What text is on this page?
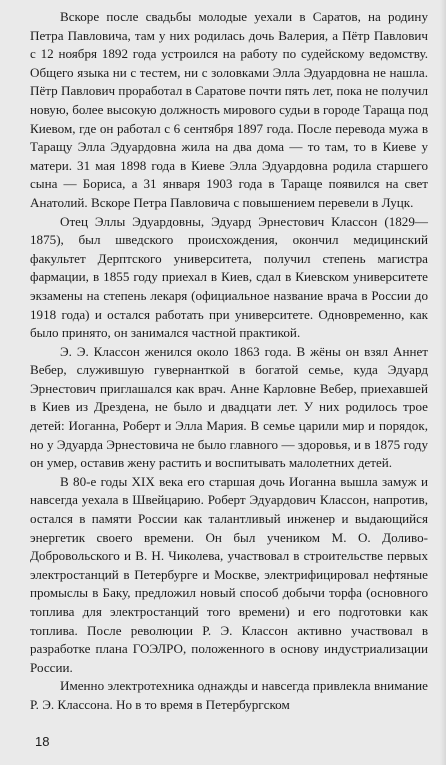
Вскоре после свадьбы молодые уехали в Саратов, на родину Петра Павловича, там у них родилась дочь Валерия, а Пётр Павлович с 12 ноября 1892 года устроился на работу по судейскому ведомству. Общего языка ни с тестем, ни с золовками Элла Эдуардовна не нашла. Пётр Павлович проработал в Саратове почти пять лет, пока не получил новую, более высокую должность мирового судьи в городе Тараща под Киевом, где он работал с 6 сентября 1897 года. После перевода мужа в Таращу Элла Эдуардовна жила на два дома — то там, то в Киеве у матери. 31 мая 1898 года в Киеве Элла Эдуардовна родила старшего сына — Бориса, а 31 января 1903 года в Тараще появился на свет Анатолий. Вскоре Петра Павловича с повышением перевели в Луцк.

Отец Эллы Эдуардовны, Эдуард Эрнестович Классон (1829—1875), был шведского происхождения, окончил медицинский факультет Дерптского университета, получил степень магистра фармации, в 1855 году приехал в Киев, сдал в Киевском университете экзамены на степень лекаря (официальное название врача в России до 1918 года) и остался работать при университете. Одновременно, как было принято, он занимался частной практикой.

Э. Э. Классон женился около 1863 года. В жёны он взял Аннет Вебер, служившую гувернанткой в богатой семье, куда Эдуард Эрнестович приглашался как врач. Анне Карловне Вебер, приехавшей в Киев из Дрездена, не было и двадцати лет. У них родилось трое детей: Иоганна, Роберт и Элла Мария. В семье царили мир и порядок, но у Эдуарда Эрнестовича не было главного — здоровья, и в 1875 году он умер, оставив жену растить и воспитывать малолетних детей.

В 80-е годы XIX века его старшая дочь Иоганна вышла замуж и навсегда уехала в Швейцарию. Роберт Эдуардович Классон, напротив, остался в памяти России как талантливый инженер и выдающийся энергетик своего времени. Он был учеником М. О. Доливо-Добровольского и В. Н. Чиколева, участвовал в строительстве первых электростанций в Петербурге и Москве, электрифицировал нефтяные промыслы в Баку, предложил новый способ добычи торфа (основного топлива для электростанций того времени) и его подготовки как топлива. После революции Р. Э. Классон активно участвовал в разработке плана ГОЭЛРО, положенного в основу индустриализации России.

Именно электротехника однажды и навсегда привлекла внимание Р. Э. Классона. Но в то время в Петербургском

18
